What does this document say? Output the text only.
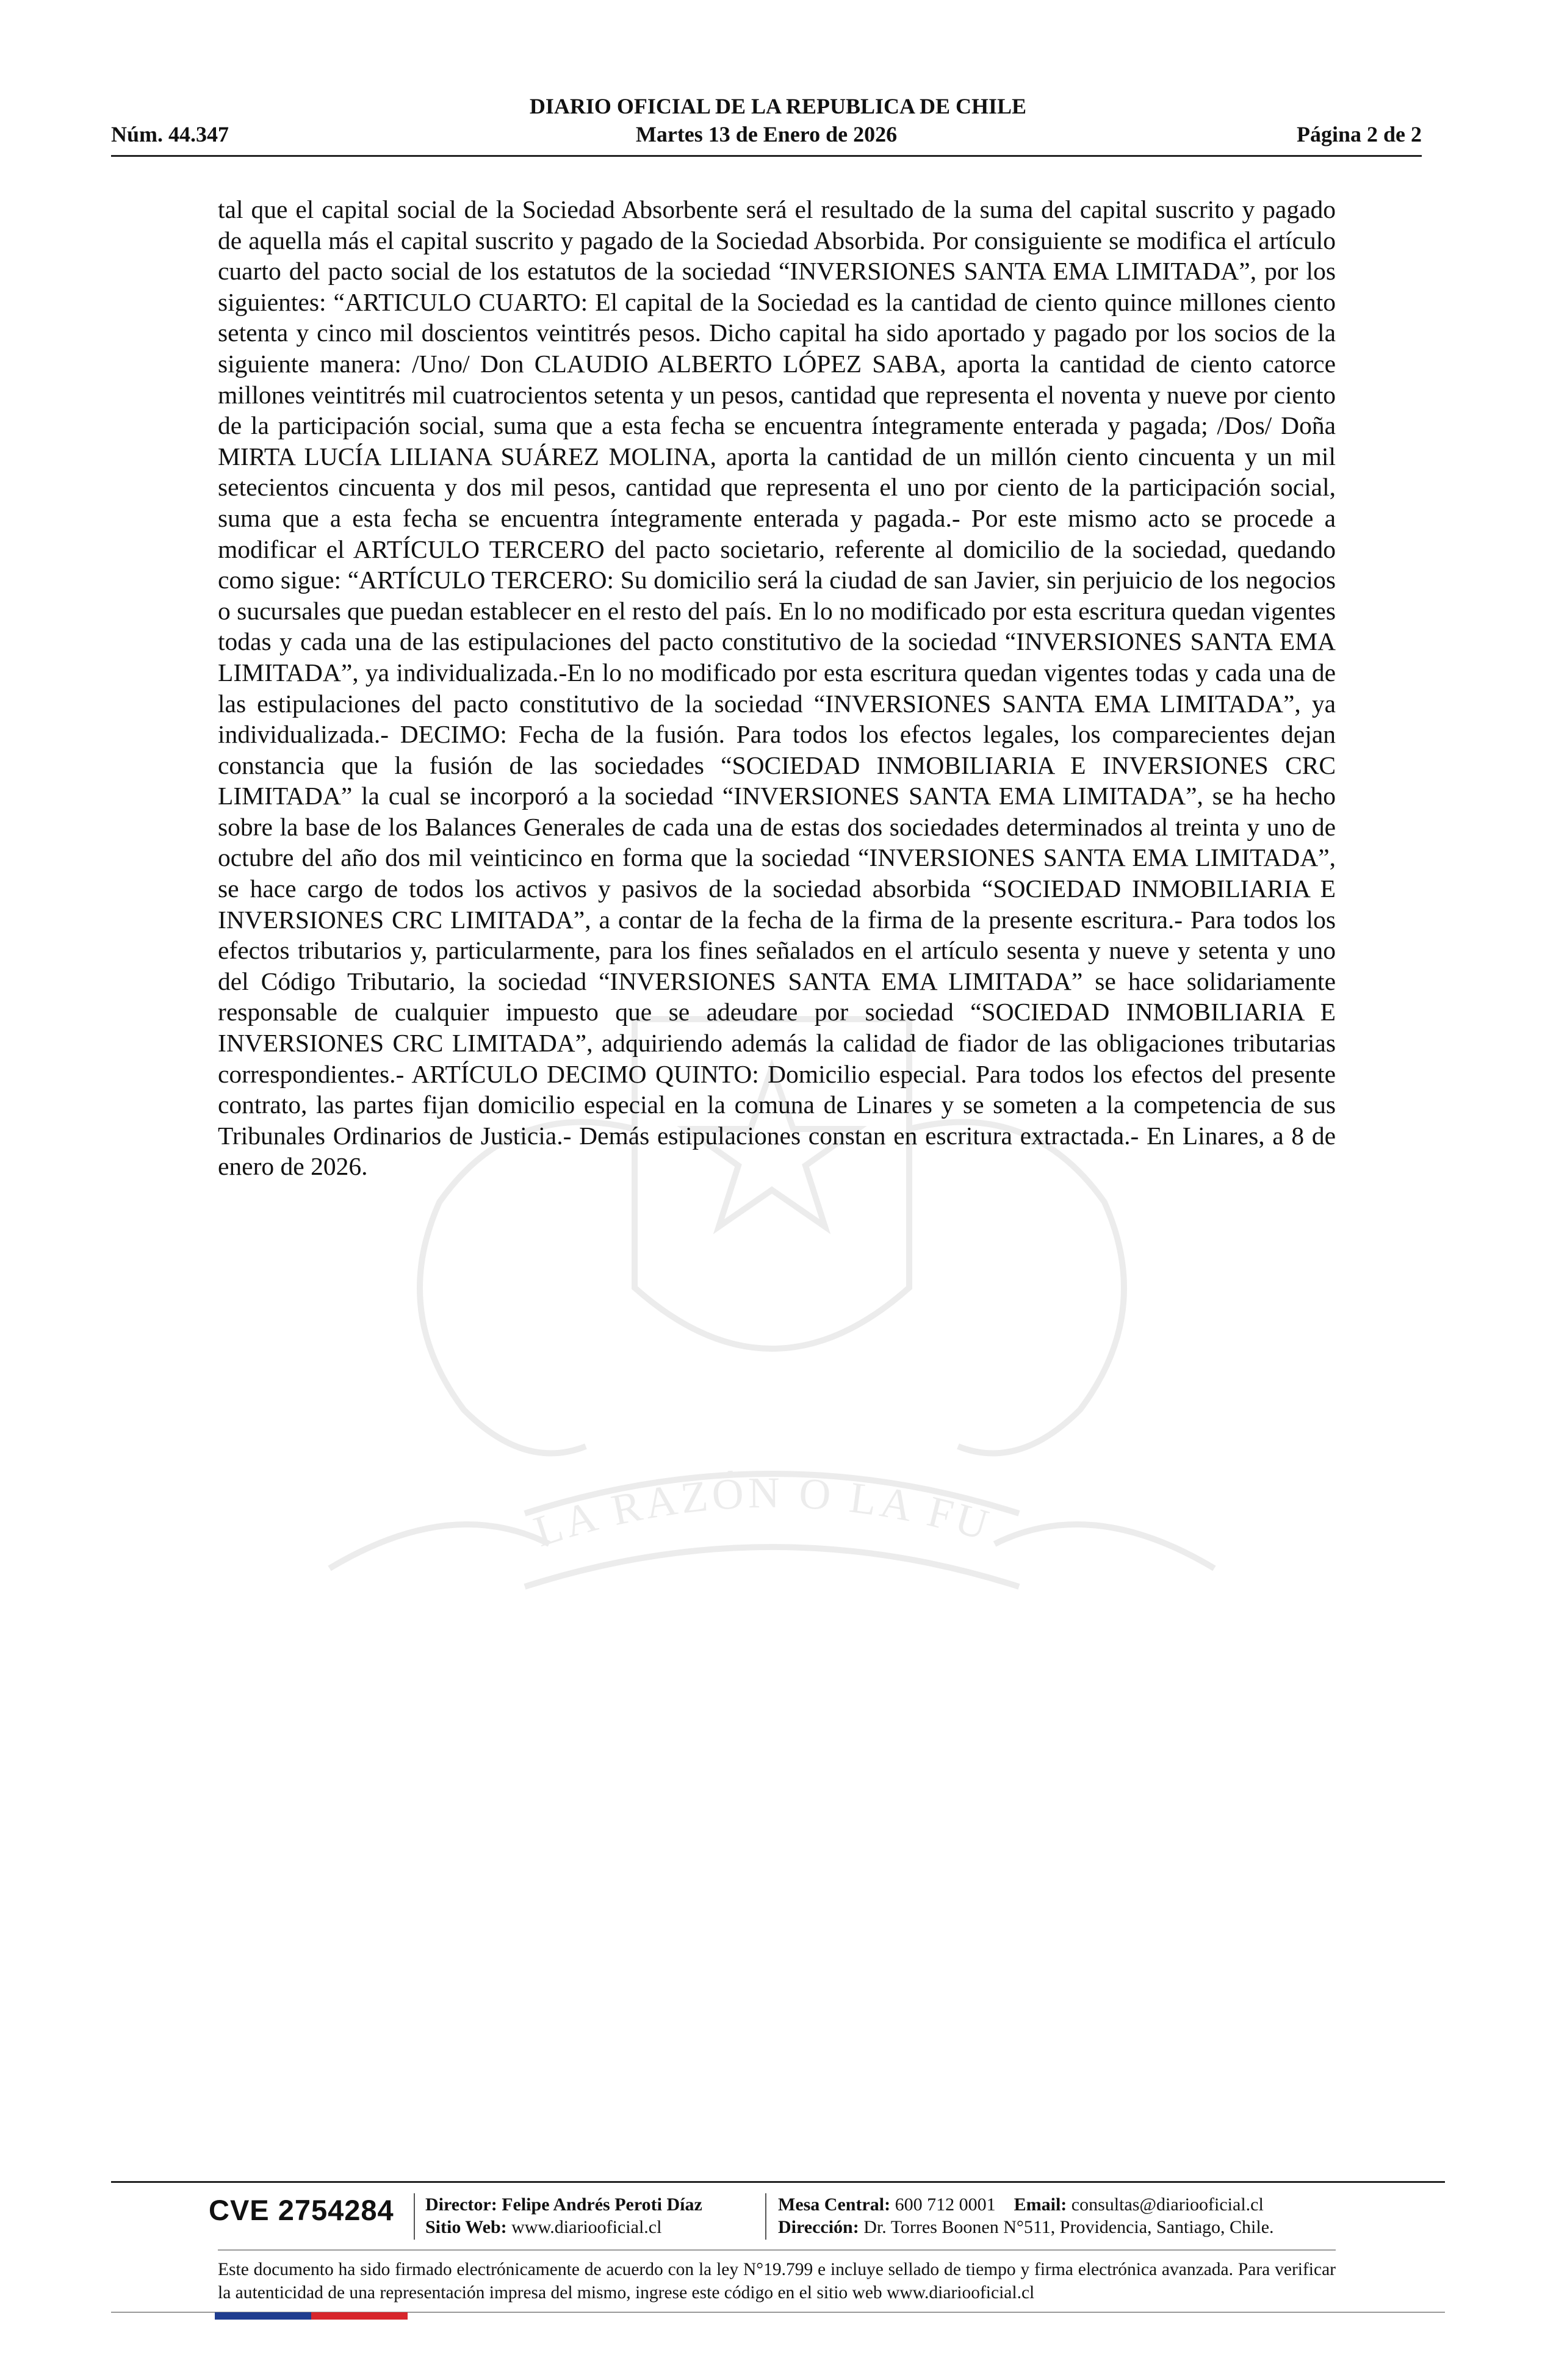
DIARIO OFICIAL DE LA REPUBLICA DE CHILE
Núm. 44.347	Martes 13 de Enero de 2026	Página 2 de 2
LA RAZÓN O LA FU

tal que el capital social de la Sociedad Absorbente será el resultado de la suma del capital suscrito y pagado de aquella más el capital suscrito y pagado de la Sociedad Absorbida. Por consiguiente se modifica el artículo cuarto del pacto social de los estatutos de la sociedad “INVERSIONES SANTA EMA LIMITADA”, por los siguientes: “ARTICULO CUARTO: El capital de la Sociedad es la cantidad de ciento quince millones ciento setenta y cinco mil doscientos veintitrés pesos. Dicho capital ha sido aportado y pagado por los socios de la siguiente manera: /Uno/ Don CLAUDIO ALBERTO LÓPEZ SABA, aporta la cantidad de ciento catorce millones veintitrés mil cuatrocientos setenta y un pesos, cantidad que representa el noventa y nueve por ciento de la participación social, suma que a esta fecha se encuentra íntegramente enterada y pagada; /Dos/ Doña MIRTA LUCÍA LILIANA SUÁREZ MOLINA, aporta la cantidad de un millón ciento cincuenta y un mil setecientos cincuenta y dos mil pesos, cantidad que representa el uno por ciento de la participación social, suma que a esta fecha se encuentra íntegramente enterada y pagada.- Por este mismo acto se procede a modificar el ARTÍCULO TERCERO del pacto societario, referente al domicilio de la sociedad, quedando como sigue: “ARTÍCULO TERCERO: Su domicilio será la ciudad de san Javier, sin perjuicio de los negocios o sucursales que puedan establecer en el resto del país. En lo no modificado por esta escritura quedan vigentes todas y cada una de las estipulaciones del pacto constitutivo de la sociedad “INVERSIONES SANTA EMA LIMITADA”, ya individualizada.-En lo no modificado por esta escritura quedan vigentes todas y cada una de las estipulaciones del pacto constitutivo de la sociedad “INVERSIONES SANTA EMA LIMITADA”, ya individualizada.- DECIMO: Fecha de la fusión. Para todos los efectos legales, los comparecientes dejan constancia que la fusión de las sociedades “SOCIEDAD INMOBILIARIA E INVERSIONES CRC LIMITADA” la cual se incorporó a la sociedad “INVERSIONES SANTA EMA LIMITADA”, se ha hecho sobre la base de los Balances Generales de cada una de estas dos sociedades determinados al treinta y uno de octubre del año dos mil veinticinco en forma que la sociedad “INVERSIONES SANTA EMA LIMITADA”, se hace cargo de todos los activos y pasivos de la sociedad absorbida “SOCIEDAD INMOBILIARIA E INVERSIONES CRC LIMITADA”, a contar de la fecha de la firma de la presente escritura.- Para todos los efectos tributarios y, particularmente, para los fines señalados en el artículo sesenta y nueve y setenta y uno del Código Tributario, la sociedad “INVERSIONES SANTA EMA LIMITADA” se hace solidariamente responsable de cualquier impuesto que se adeudare por sociedad “SOCIEDAD INMOBILIARIA E INVERSIONES CRC LIMITADA”, adquiriendo además la calidad de fiador de las obligaciones tributarias correspondientes.- ARTÍCULO DECIMO QUINTO: Domicilio especial. Para todos los efectos del presente contrato, las partes fijan domicilio especial en la comuna de Linares y se someten a la competencia de sus Tribunales Ordinarios de Justicia.- Demás estipulaciones constan en escritura extractada.- En Linares, a 8 de enero de 2026.

CVE 2754284 Director: Felipe Andrés Peroti Díaz
Sitio Web: www.diariooficial.cl
Mesa Central: 600 712 0001 Email: consultas@diariooficial.cl
Dirección: Dr. Torres Boonen N°511, Providencia, Santiago, Chile.
Este documento ha sido firmado electrónicamente de acuerdo con la ley N°19.799 e incluye sellado de tiempo y firma electrónica avanzada. Para verificar la autenticidad de una representación impresa del mismo, ingrese este código en el sitio web www.diariooficial.cl
